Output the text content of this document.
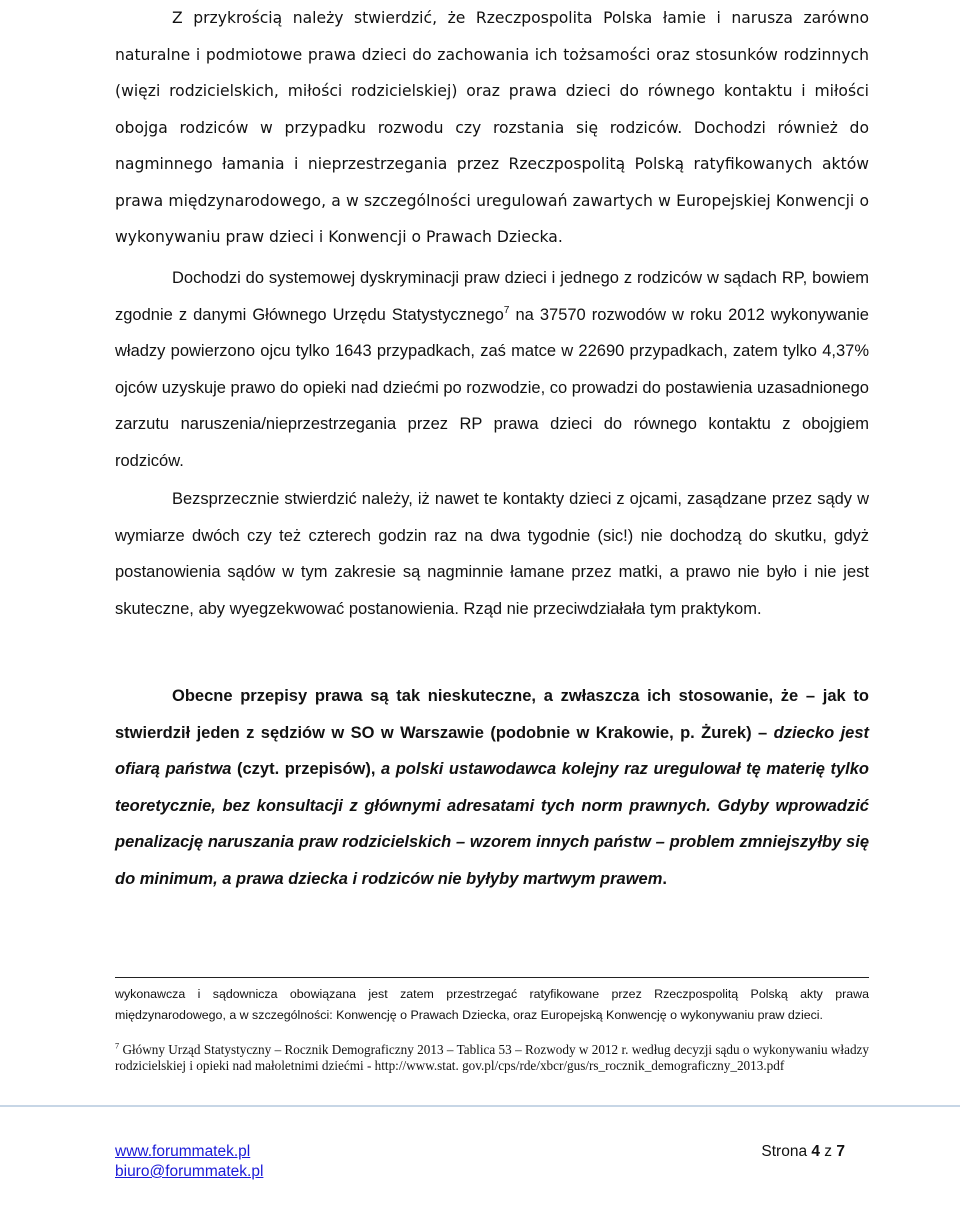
Z przykrością należy stwierdzić, że Rzeczpospolita Polska łamie i narusza zarówno naturalne i podmiotowe prawa dzieci do zachowania ich tożsamości oraz stosunków rodzinnych (więzi rodzicielskich, miłości rodzicielskiej) oraz prawa dzieci do równego kontaktu i miłości obojga rodziców w przypadku rozwodu czy rozstania się rodziców. Dochodzi również do nagminnego łamania i nieprzestrzegania przez Rzeczpospolitą Polską ratyfikowanych aktów prawa międzynarodowego, a w szczególności uregulowań zawartych w Europejskiej Konwencji o wykonywaniu praw dzieci i Konwencji o Prawach Dziecka.

Dochodzi do systemowej dyskryminacji praw dzieci i jednego z rodziców w sądach RP, bowiem zgodnie z danymi Głównego Urzędu Statystycznego$^7$ na 37570 rozwodów w roku 2012 wykonywanie władzy powierzono ojcu tylko 1643 przypadkach, zaś matce w 22690 przypadkach, zatem tylko 4,37% ojców uzyskuje prawo do opieki nad dziećmi po rozwodzie, co prowadzi do postawienia uzasadnionego zarzutu naruszenia/nieprzestrzegania przez RP prawa dzieci do równego kontaktu z obojgiem rodziców.

Bezsprzecznie stwierdzić należy, iż nawet te kontakty dzieci z ojcami, zasądzane przez sądy w wymiarze dwóch czy też czterech godzin raz na dwa tygodnie (sic!) nie dochodzą do skutku, gdyż postanowienia sądów w tym zakresie są nagminnie łamane przez matki, a prawo nie było i nie jest skuteczne, aby wyegzekwować postanowienia. Rząd nie przeciwdziałała tym praktykom.

Obecne przepisy prawa są tak nieskuteczne, a zwłaszcza ich stosowanie, że – jak to stwierdził jeden z sędziów w SO w Warszawie (podobnie w Krakowie, p. Żurek) – dziecko jest ofiarą państwa (czyt. przepisów), a polski ustawodawca kolejny raz uregulował tę materię tylko teoretycznie, bez konsultacji z głównymi adresatami tych norm prawnych. Gdyby wprowadzić penalizację naruszania praw rodzicielskich – wzorem innych państw – problem zmniejszyłby się do minimum, a prawa dziecka i rodziców nie byłyby martwym prawem.

wykonawcza i sądownicza obowiązana jest zatem przestrzegać ratyfikowane przez Rzeczpospolitą Polską akty prawa międzynarodowego, a w szczególności: Konwencję o Prawach Dziecka, oraz Europejską Konwencję o wykonywaniu praw dzieci.

$^7$ Główny Urząd Statystyczny – Rocznik Demograficzny 2013 – Tablica 53 – Rozwody w 2012 r. według decyzji sądu o wykonywaniu władzy rodzicielskiej i opieki nad małoletnimi dziećmi - http://www.stat. gov.pl/cps/rde/xbcr/gus/rs_rocznik_demograficzny_2013.pdf

www.forummatek.pl
biuro@forummatek.pl
Strona 4 z 7
